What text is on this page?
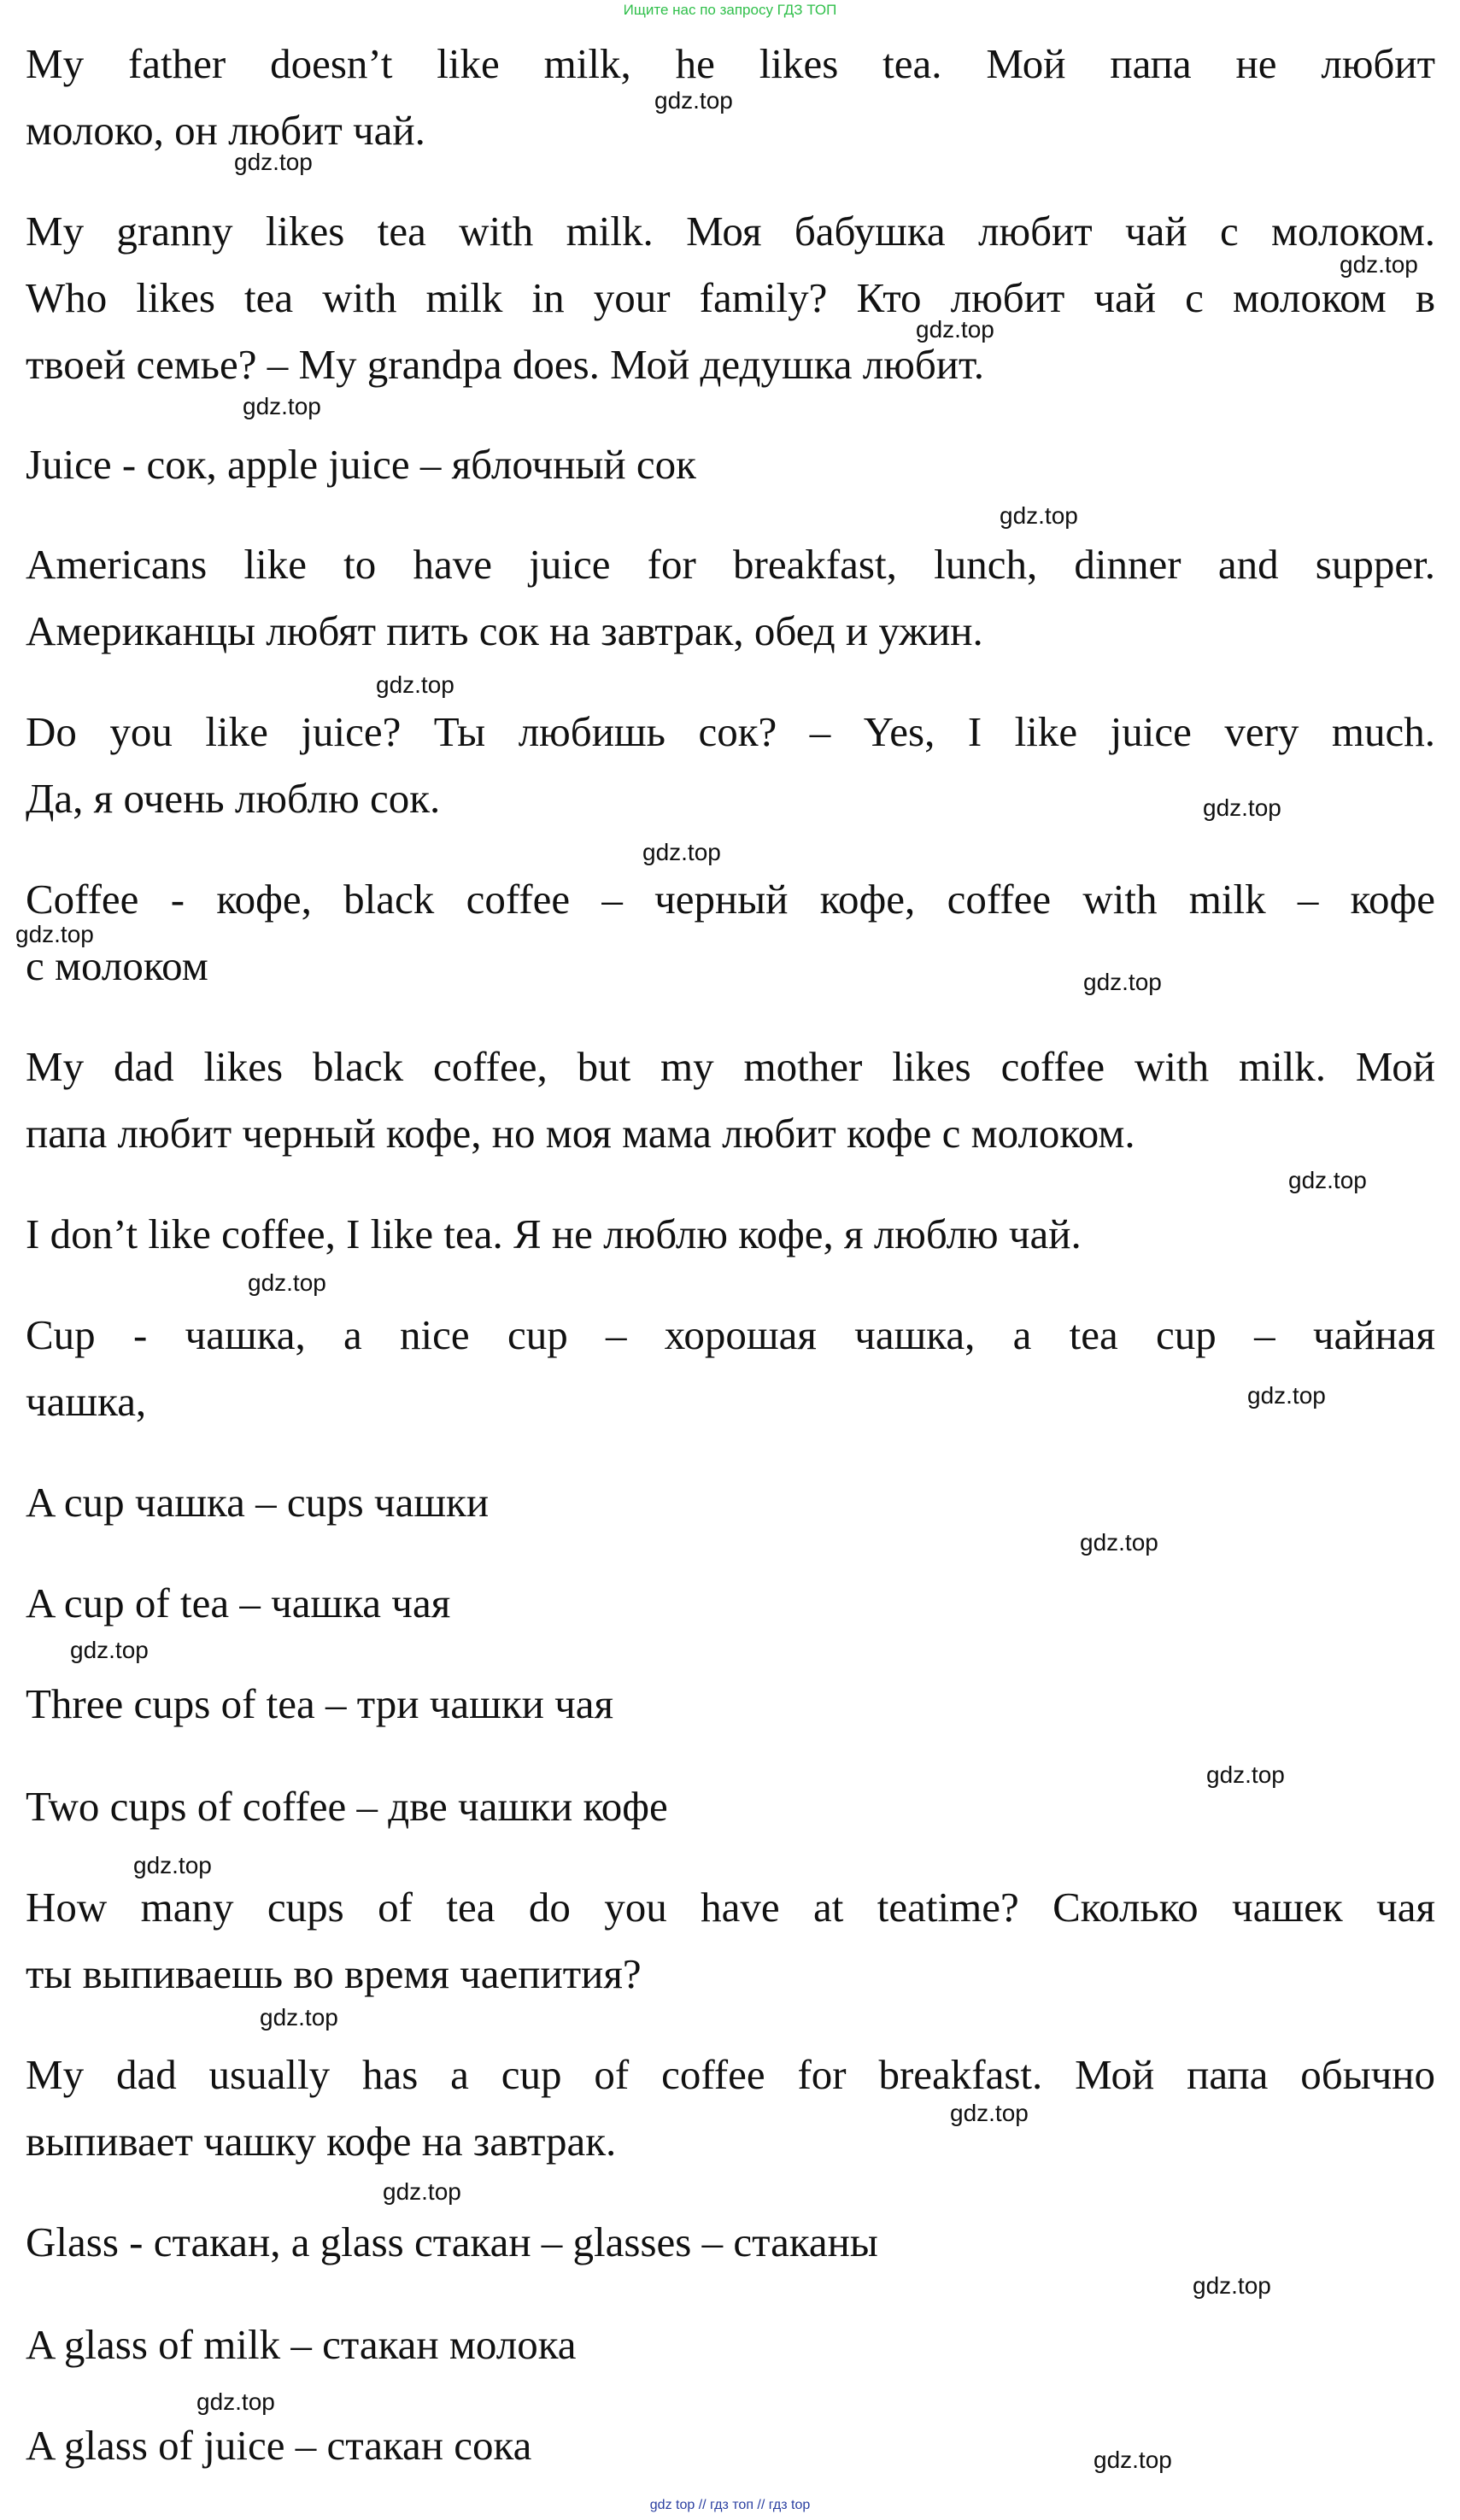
Ищите нас по запросу ГДЗ ТОП
My father doesn’t like milk, he likes tea. Мой папа не любит
молоко, он любит чай.
My granny likes tea with milk. Моя бабушка любит чай с молоком.
Who likes tea with milk in your family? Кто любит чай с молоком в
твоей семье? – My grandpa does. Мой дедушка любит.
Juice - сок, apple juice – яблочный сок
Americans like to have juice for breakfast, lunch, dinner and supper.
Американцы любят пить сок на завтрак, обед и ужин.
Do you like juice? Ты любишь сок? – Yes, I like juice very much.
Да, я очень люблю сок.
Coffee - кофе, black coffee – черный кофе, coffee with milk – кофе
с молоком
My dad likes black coffee, but my mother likes coffee with milk. Мой
папа любит черный кофе, но моя мама любит кофе с молоком.
I don’t like coffee, I like tea. Я не люблю кофе, я люблю чай.
Cup - чашка, a nice cup – хорошая чашка, a tea cup – чайная
чашка,
A cup чашка – cups чашки
A cup of tea – чашка чая
Three cups of tea – три чашки чая
Two cups of coffee – две чашки кофе
How many cups of tea do you have at teatime? Сколько чашек чая
ты выпиваешь во время чаепития?
My dad usually has a cup of coffee for breakfast. Мой папа обычно
выпивает чашку кофе на завтрак.
Glass - стакан, a glass стакан – glasses – стаканы
A glass of milk – стакан молока
A glass of juice – стакан сока
gdz.top
gdz.top
gdz.top
gdz.top
gdz.top
gdz.top
gdz.top
gdz.top
gdz.top
gdz.top
gdz.top
gdz.top
gdz.top
gdz.top
gdz.top
gdz.top
gdz.top
gdz.top
gdz.top
gdz.top
gdz.top
gdz.top
gdz.top
gdz.top
gdz top // гдз топ // гдз top
